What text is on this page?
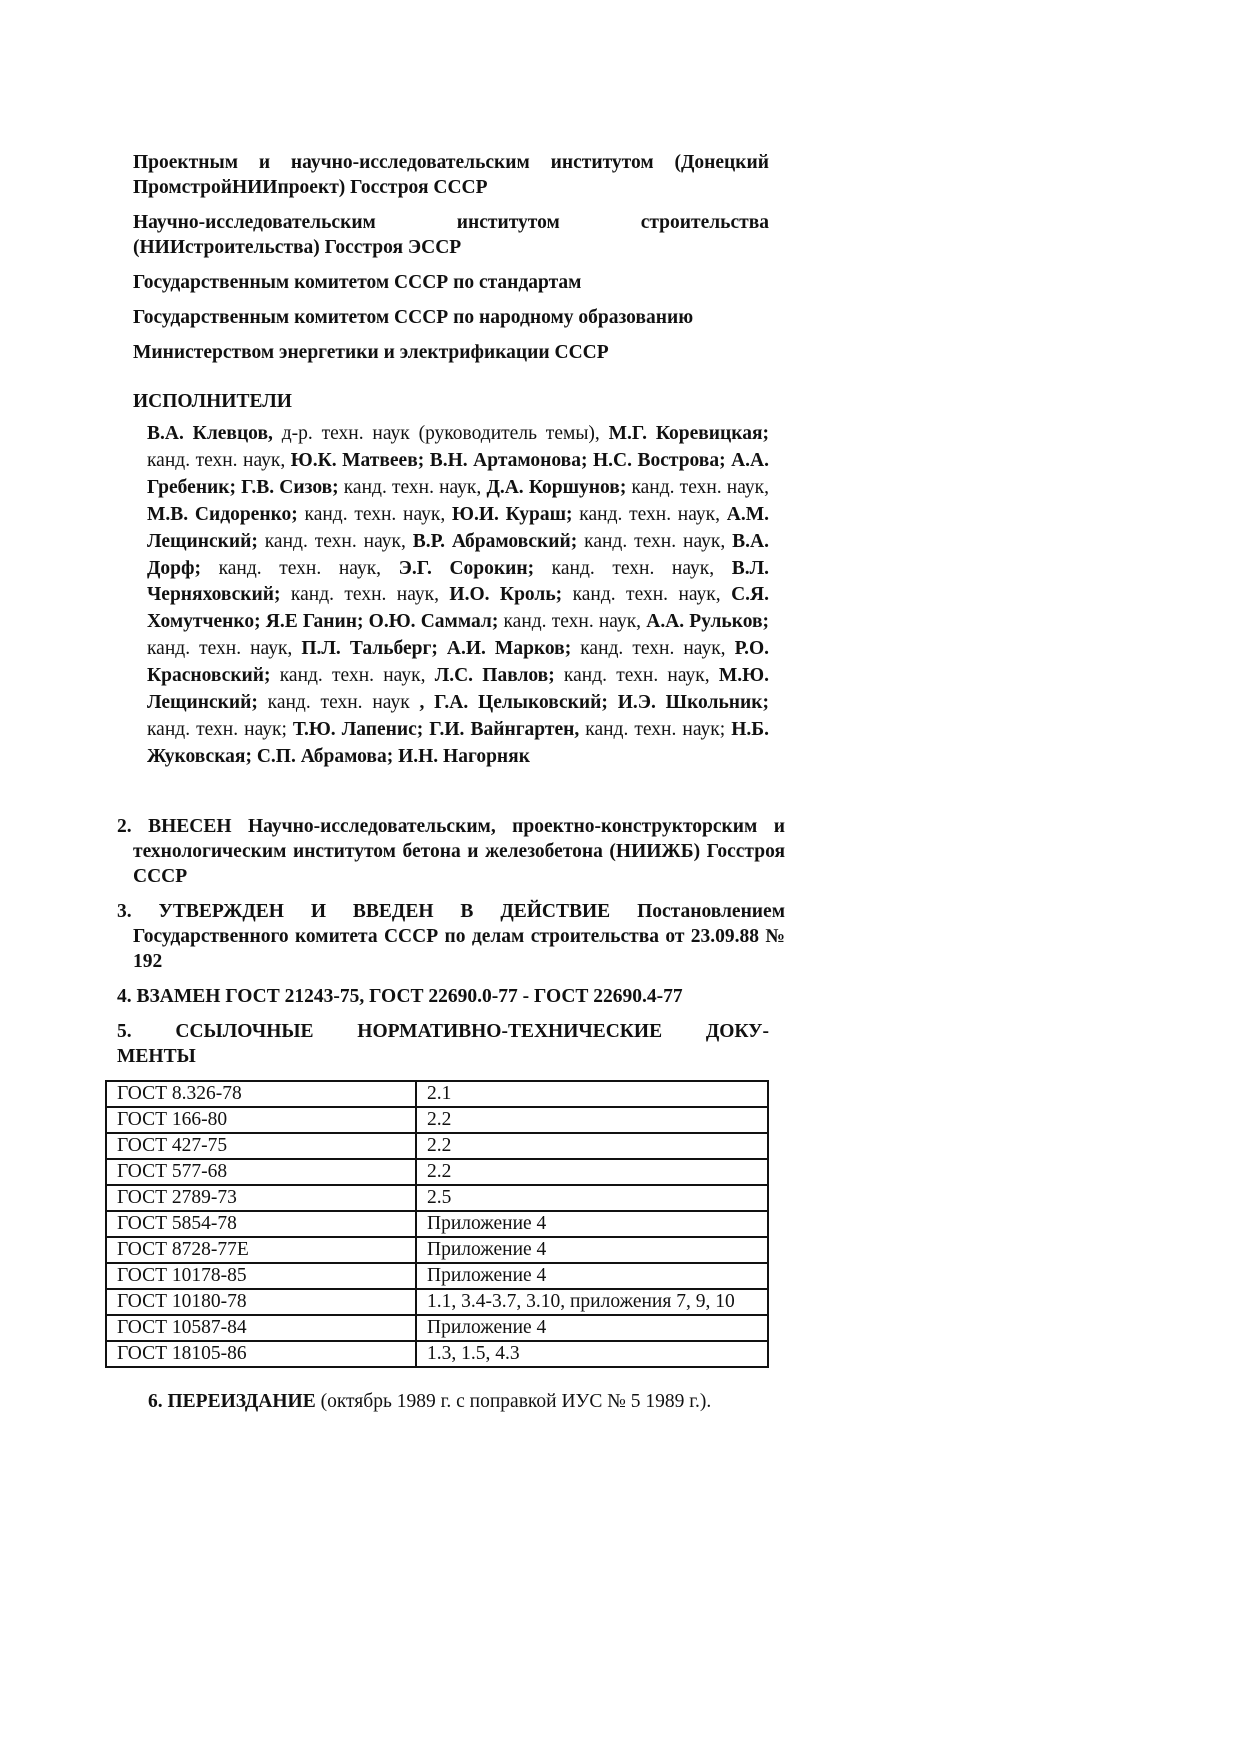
Проектным и научно-исследовательским институтом (Донецкий ПромстройНИИпроект) Госстроя СССР
Научно-исследовательским институтом строительства
(НИИстроительства) Госстроя ЭССР
Государственным комитетом СССР по стандартам
Государственным комитетом СССР по народному образованию
Министерством энергетики и электрификации СССР
ИСПОЛНИТЕЛИ
В.А. Клевцов, д-р. техн. наук (руководитель темы), М.Г. Коревицкая; канд. техн. наук, Ю.К. Матвеев; В.Н. Артамонова; Н.С. Вострова; А.А. Гребеник; Г.В. Сизов; канд. техн. наук, Д.А. Коршунов; канд. техн. наук, М.В. Сидоренко; канд. техн. наук, Ю.И. Кураш; канд. техн. наук, А.М. Лещинский; канд. техн. наук, В.Р. Абрамовский; канд. техн. наук, В.А. Дорф; канд. техн. наук, Э.Г. Сорокин; канд. техн. наук, В.Л. Черняховский; канд. техн. наук, И.О. Кроль; канд. техн. наук, С.Я. Хомутченко; Я.Е Ганин; О.Ю. Саммал; канд. техн. наук, А.А. Рульков; канд. техн. наук, П.Л. Тальберг; А.И. Марков; канд. техн. наук, Р.О. Красновский; канд. техн. наук, Л.С. Павлов; канд. техн. наук, М.Ю. Лещинский; канд. техн. наук , Г.А. Целыковский; И.Э. Школьник; канд. техн. наук; Т.Ю. Лапенис; Г.И. Вайнгартен, канд. техн. наук; Н.Б. Жуковская; С.П. Абрамова; И.Н. Нагорняк
2. ВНЕСЕН Научно-исследовательским, проектно-конструкторским и технологическим институтом бетона и железобетона (НИИЖБ) Госстроя СССР
3. УТВЕРЖДЕН И ВВЕДЕН В ДЕЙСТВИЕ Постановлением Государственного комитета СССР по делам строительства от 23.09.88 № 192
4. ВЗАМЕН ГОСТ 21243-75, ГОСТ 22690.0-77 - ГОСТ 22690.4-77
5. ССЫЛОЧНЫЕ НОРМАТИВНО-ТЕХНИЧЕСКИЕ ДОКУ-
МЕНТЫ
ГОСТ 8.326-78	2.1
ГОСТ 166-80	2.2
ГОСТ 427-75	2.2
ГОСТ 577-68	2.2
ГОСТ 2789-73	2.5
ГОСТ 5854-78	Приложение 4
ГОСТ 8728-77Е	Приложение 4
ГОСТ 10178-85	Приложение 4
ГОСТ 10180-78	1.1, 3.4-3.7, 3.10, приложения 7, 9, 10
ГОСТ 10587-84	Приложение 4
ГОСТ 18105-86	1.3, 1.5, 4.3
6. ПЕРЕИЗДАНИЕ (октябрь 1989 г. с поправкой ИУС № 5 1989 г.).
